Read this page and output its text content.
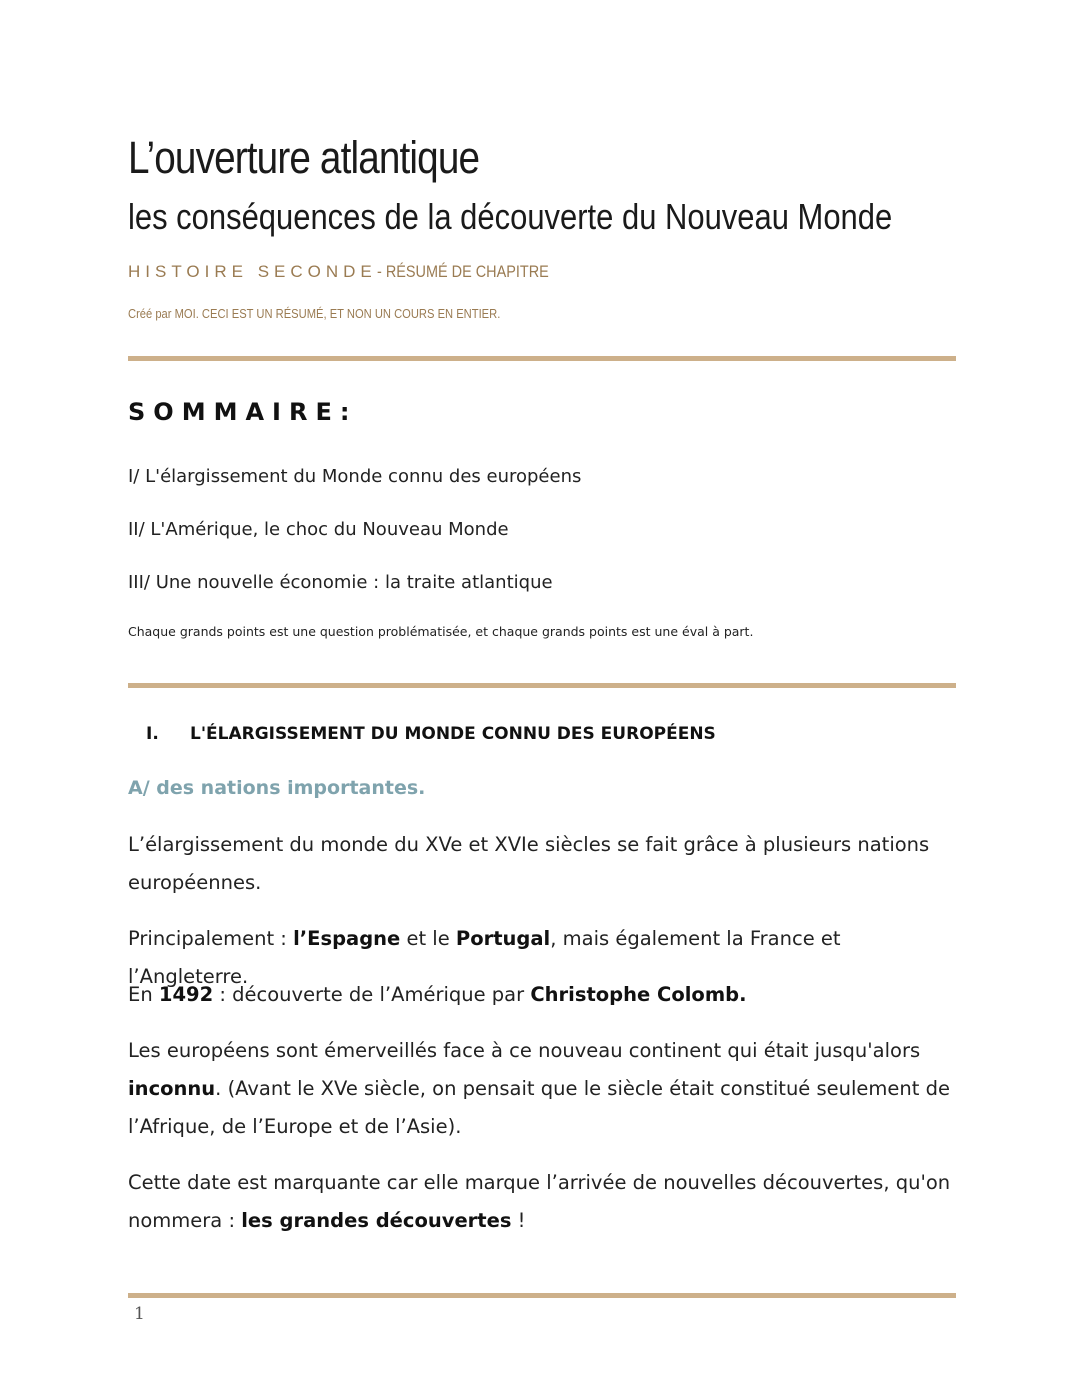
L’ouverture atlantique
les conséquences de la découverte du Nouveau Monde
HISTOIRE SECONDE- RÉSUMÉ DE CHAPITRE
Créé par MOI. CECI EST UN RÉSUMÉ, ET NON UN COURS EN ENTIER.
SOMMAIRE:
I/ L'élargissement du Monde connu des européens
II/ L'Amérique, le choc du Nouveau Monde
III/ Une nouvelle économie : la traite atlantique
Chaque grands points est une question problématisée, et chaque grands points est une éval à part.
I. L'ÉLARGISSEMENT DU MONDE CONNU DES EUROPÉENS
A/ des nations importantes.

L’élargissement du monde du XVe et XVIe siècles se fait grâce à plusieurs nations européennes.

Principalement : l’Espagne et le Portugal, mais également la France et l’Angleterre.

En 1492 : découverte de l’Amérique par Christophe Colomb.

Les européens sont émerveillés face à ce nouveau continent qui était jusqu'alors inconnu. (Avant le XVe siècle, on pensait que le siècle était constitué seulement de l’Afrique, de l’Europe et de l’Asie).

Cette date est marquante car elle marque l’arrivée de nouvelles découvertes, qu'on nommera : les grandes découvertes !

1
